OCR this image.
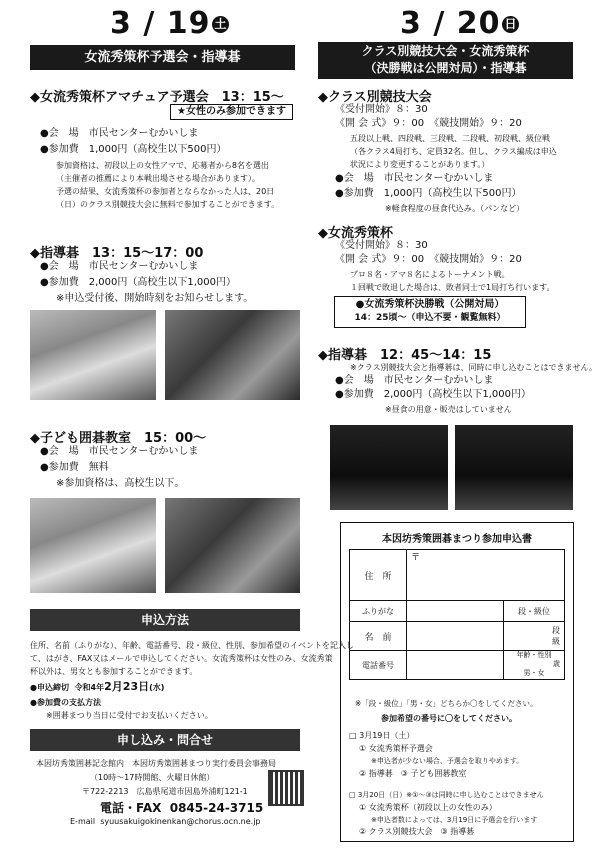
3 / 19 土
女流秀策杯予選会・指導碁
◆女流秀策杯アマチュア予選会　13：15～
★女性のみ参加できます
●会　場　市民センターむかいしま
●参加費　1,000円（高校生以下500円）
参加資格は、初段以上の女性アマで、応募者から8名を選出
（主催者の推薦により本戦出場させる場合があります）。
予選の結果、女流秀策杯の参加者とならなかった人は、20日
（日）のクラス別競技大会に無料で参加することができます。
◆指導碁　13：15～17：00
●会　場　市民センターむかいしま
●参加費　2,000円（高校生以下1,000円）
※申込受付後、開始時刻をお知らせします。
◆子ども囲碁教室　15：00～
●会　場　市民センターむかいしま
●参加費　無料
※参加資格は、高校生以下。
申込方法
住所、名前（ふりがな）、年齢、電話番号、段・級位、性別、参加希望のイベントを記入し
て、はがき、FAX又はメールで申込してください。女流秀策杯は女性のみ、女流秀策
杯以外は、男女とも参加することができます。
●申込締切 令和4年2月23日(水)
●参加費の支払方法
※囲碁まつり当日に受付でお支払いください。
申し込み・問合せ
本因坊秀策囲碁記念館内　本因坊秀策囲碁まつり実行委員会事務局
（10時～17時開館、火曜日休館）
〒722-2213　広島県尾道市因島外浦町121-1
電話・FAX 0845-24-3715
E-mail syuusakuigokinenkan@chorus.ocn.ne.jp
3 / 20 日
クラス別競技大会・女流秀策杯
（決勝戦は公開対局）・指導碁
◆クラス別競技大会
《受付開始》８：30
《開 会 式》９：00　《競技開始》９：20
五段以上戦、四段戦、三段戦、二段戦、初段戦、級位戦
（各クラス4局打ち、定員32名。但し、クラス編成は申込
状況により変更することがあります。）
●会　場　市民センターむかいしま
●参加費　1,000円（高校生以下500円）
※軽食程度の昼食代込み。（パンなど）
◆女流秀策杯
《受付開始》８：30
《開 会 式》９：00　《競技開始》９：20
プロ８名・アマ８名によるトーナメント戦。
１回戦で敗退した場合は、敗者同士で1局打ち行います。
●女流秀策杯決勝戦（公開対局）
14：25頃～（申込不要・観覧無料）
◆指導碁　12：45～14：15
※クラス別競技大会と指導碁は、同時に申し込むことはできません。
●会　場　市民センターむかいしま
●参加費　2,000円（高校生以下1,000円）
※昼食の用意・販売はしていません
本因坊秀策囲碁まつり参加申込書
住　所	〒	
ふりがな		段・級位
名　前		段
級

電話番号		年齢・性別
歳
男・女
※「段・級位」「男・女」どちらか〇をしてください。
参加希望の番号に〇をしてください。
□ 3月19日（土）
① 女流秀策杯予選会
※申込者が少ない場合、予選会を取りやめます。
② 指導碁　③ 子ども囲碁教室
□ 3月20日（日）※①～③は同時に申し込むことはできません
① 女流秀策杯（初段以上の女性のみ）
※申込者数によっては、3月19日に予選会を行います
② クラス別競技大会　③ 指導碁
